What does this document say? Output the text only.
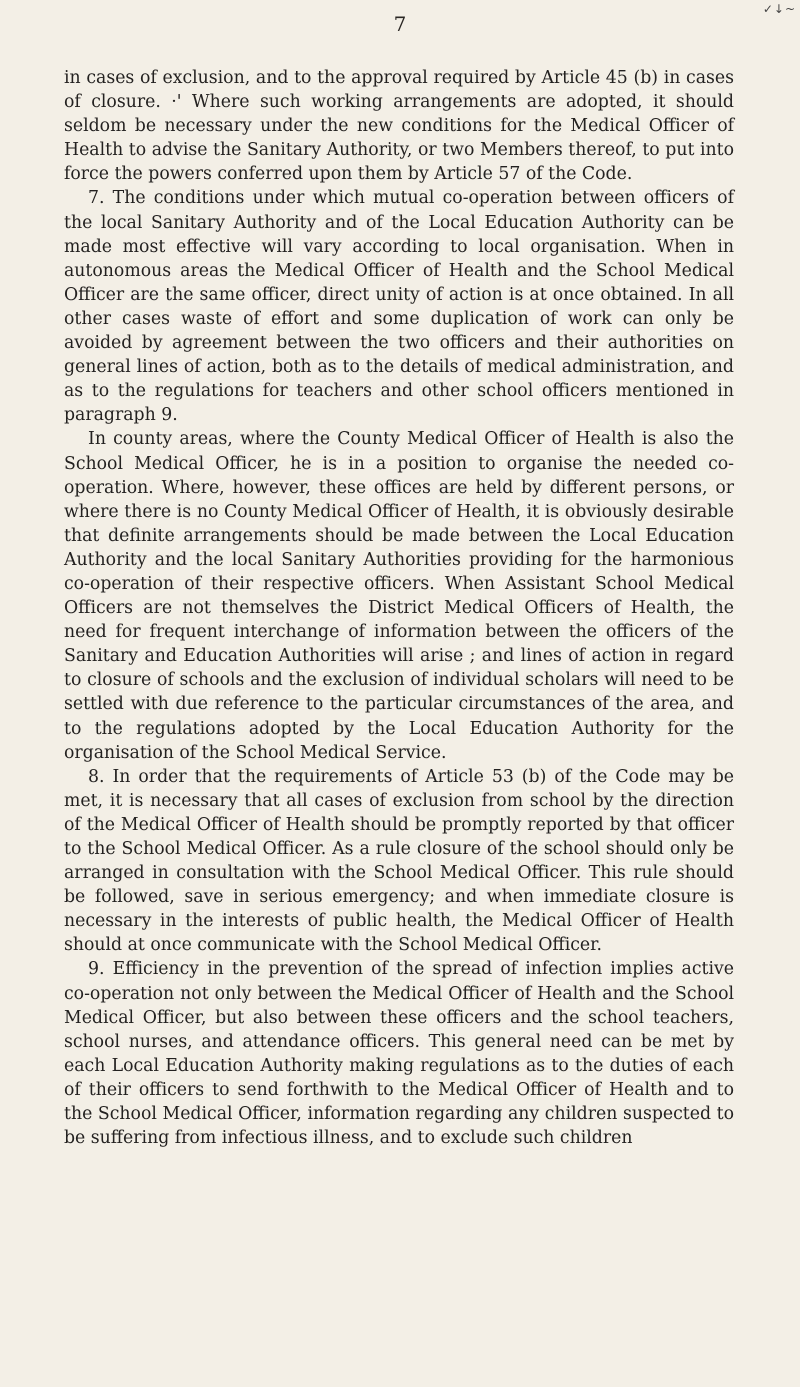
✓↓~
7

in cases of exclusion, and to the approval required by Article 45 (b) in cases of closure. ·' Where such working arrangements are adopted, it should seldom be necessary under the new conditions for the Medical Officer of Health to advise the Sanitary Authority, or two Members thereof, to put into force the powers conferred upon them by Article 57 of the Code.

7. The conditions under which mutual co-operation between officers of the local Sanitary Authority and of the Local Education Authority can be made most effective will vary according to local organisation. When in autonomous areas the Medical Officer of Health and the School Medical Officer are the same officer, direct unity of action is at once obtained. In all other cases waste of effort and some duplication of work can only be avoided by agreement between the two officers and their authorities on general lines of action, both as to the details of medical administration, and as to the regulations for teachers and other school officers mentioned in paragraph 9.

In county areas, where the County Medical Officer of Health is also the School Medical Officer, he is in a position to organise the needed co-operation. Where, however, these offices are held by different persons, or where there is no County Medical Officer of Health, it is obviously desirable that definite arrangements should be made between the Local Education Authority and the local Sanitary Authorities providing for the harmonious co-operation of their respective officers. When Assistant School Medical Officers are not themselves the District Medical Officers of Health, the need for frequent interchange of information between the officers of the Sanitary and Education Authorities will arise ; and lines of action in regard to closure of schools and the exclusion of individual scholars will need to be settled with due reference to the particular circumstances of the area, and to the regulations adopted by the Local Education Authority for the organisation of the School Medical Service.

8. In order that the requirements of Article 53 (b) of the Code may be met, it is necessary that all cases of exclusion from school by the direction of the Medical Officer of Health should be promptly reported by that officer to the School Medical Officer. As a rule closure of the school should only be arranged in consultation with the School Medical Officer. This rule should be followed, save in serious emergency; and when immediate closure is necessary in the interests of public health, the Medical Officer of Health should at once communicate with the School Medical Officer.

9. Efficiency in the prevention of the spread of infection implies active co-operation not only between the Medical Officer of Health and the School Medical Officer, but also between these officers and the school teachers, school nurses, and attendance officers. This general need can be met by each Local Education Authority making regulations as to the duties of each of their officers to send forthwith to the Medical Officer of Health and to the School Medical Officer, information regarding any children suspected to be suffering from infectious illness, and to exclude such children
